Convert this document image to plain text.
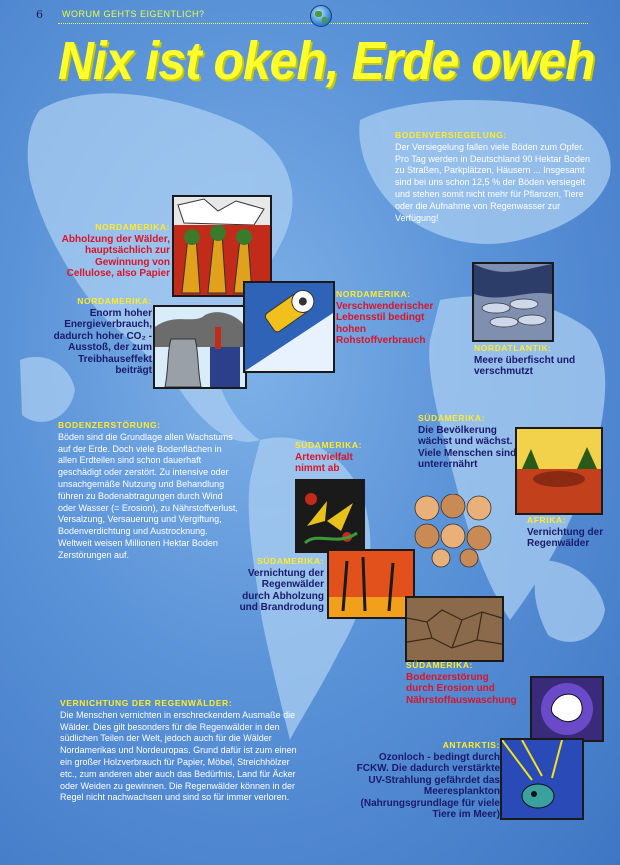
6 WORUM GEHTS EIGENTLICH?
Nix ist okeh, Erde oweh
BODENVERSIEGELUNG:
Der Versiegelung fallen viele Böden zum Opfer. Pro Tag werden in Deutschland 90 Hektar Boden zu Straßen, Parkplätzen, Häusern ... Insgesamt sind bei uns schon 12,5 % der Böden versiegelt und stehen somit nicht mehr für Pflanzen, Tiere oder die Aufnahme von Regenwasser zur Verfügung!
NORDAMERIKA:
Abholzung der Wälder, hauptsächlich zur Gewinnung von Cellulose, also Papier
NORDAMERIKA:
Enorm hoher Energieverbrauch, dadurch hoher CO₂ - Ausstoß, der zum Treibhauseffekt beiträgt
NORDAMERIKA:
Verschwenderischer Lebensstil bedingt hohen Rohstoffverbrauch
NORDATLANTIK:
Meere überfischt und verschmutzt
BODENZERSTÖRUNG:
Böden sind die Grundlage allen Wachstums auf der Erde. Doch viele Bodenflächen in allen Erdteilen sind schon dauerhaft geschädigt oder zerstört. Zu intensive oder unsachgemäße Nutzung und Behandlung führen zu Bodenabtragungen durch Wind oder Wasser (= Erosion), zu Nährstoffverlust, Versalzung, Versauerung und Vergiftung, Bodenverdichtung und Austrocknung. Weltweit weisen Millionen Hektar Boden Zerstörungen auf.
SÜDAMERIKA:
Artenvielfalt nimmt ab
SÜDAMERIKA:
Die Bevölkerung wächst und wächst. Viele Menschen sind unterernährt
AFRIKA:
Vernichtung der Regenwälder
SÜDAMERIKA:
Vernichtung der Regenwälder durch Abholzung und Brandrodung
SÜDAMERIKA:
Bodenzerstörung durch Erosion und Nährstoffauswaschung
VERNICHTUNG DER REGENWÄLDER:
Die Menschen vernichten in erschreckendem Ausmaße die Wälder. Dies gilt besonders für die Regenwälder in den südlichen Teilen der Welt, jedoch auch für die Wälder Nordamerikas und Nordeuropas. Grund dafür ist zum einen ein großer Holzverbrauch für Papier, Möbel, Streichhölzer etc., zum anderen aber auch das Bedürfnis, Land für Äcker oder Weiden zu gewinnen. Die Regenwälder können in der Regel nicht nachwachsen und sind so für immer verloren.
ANTARKTIS:
Ozonloch - bedingt durch FCKW. Die dadurch verstärkte UV-Strahlung gefährdet das Meeresplankton (Nahrungsgrundlage für viele Tiere im Meer)
